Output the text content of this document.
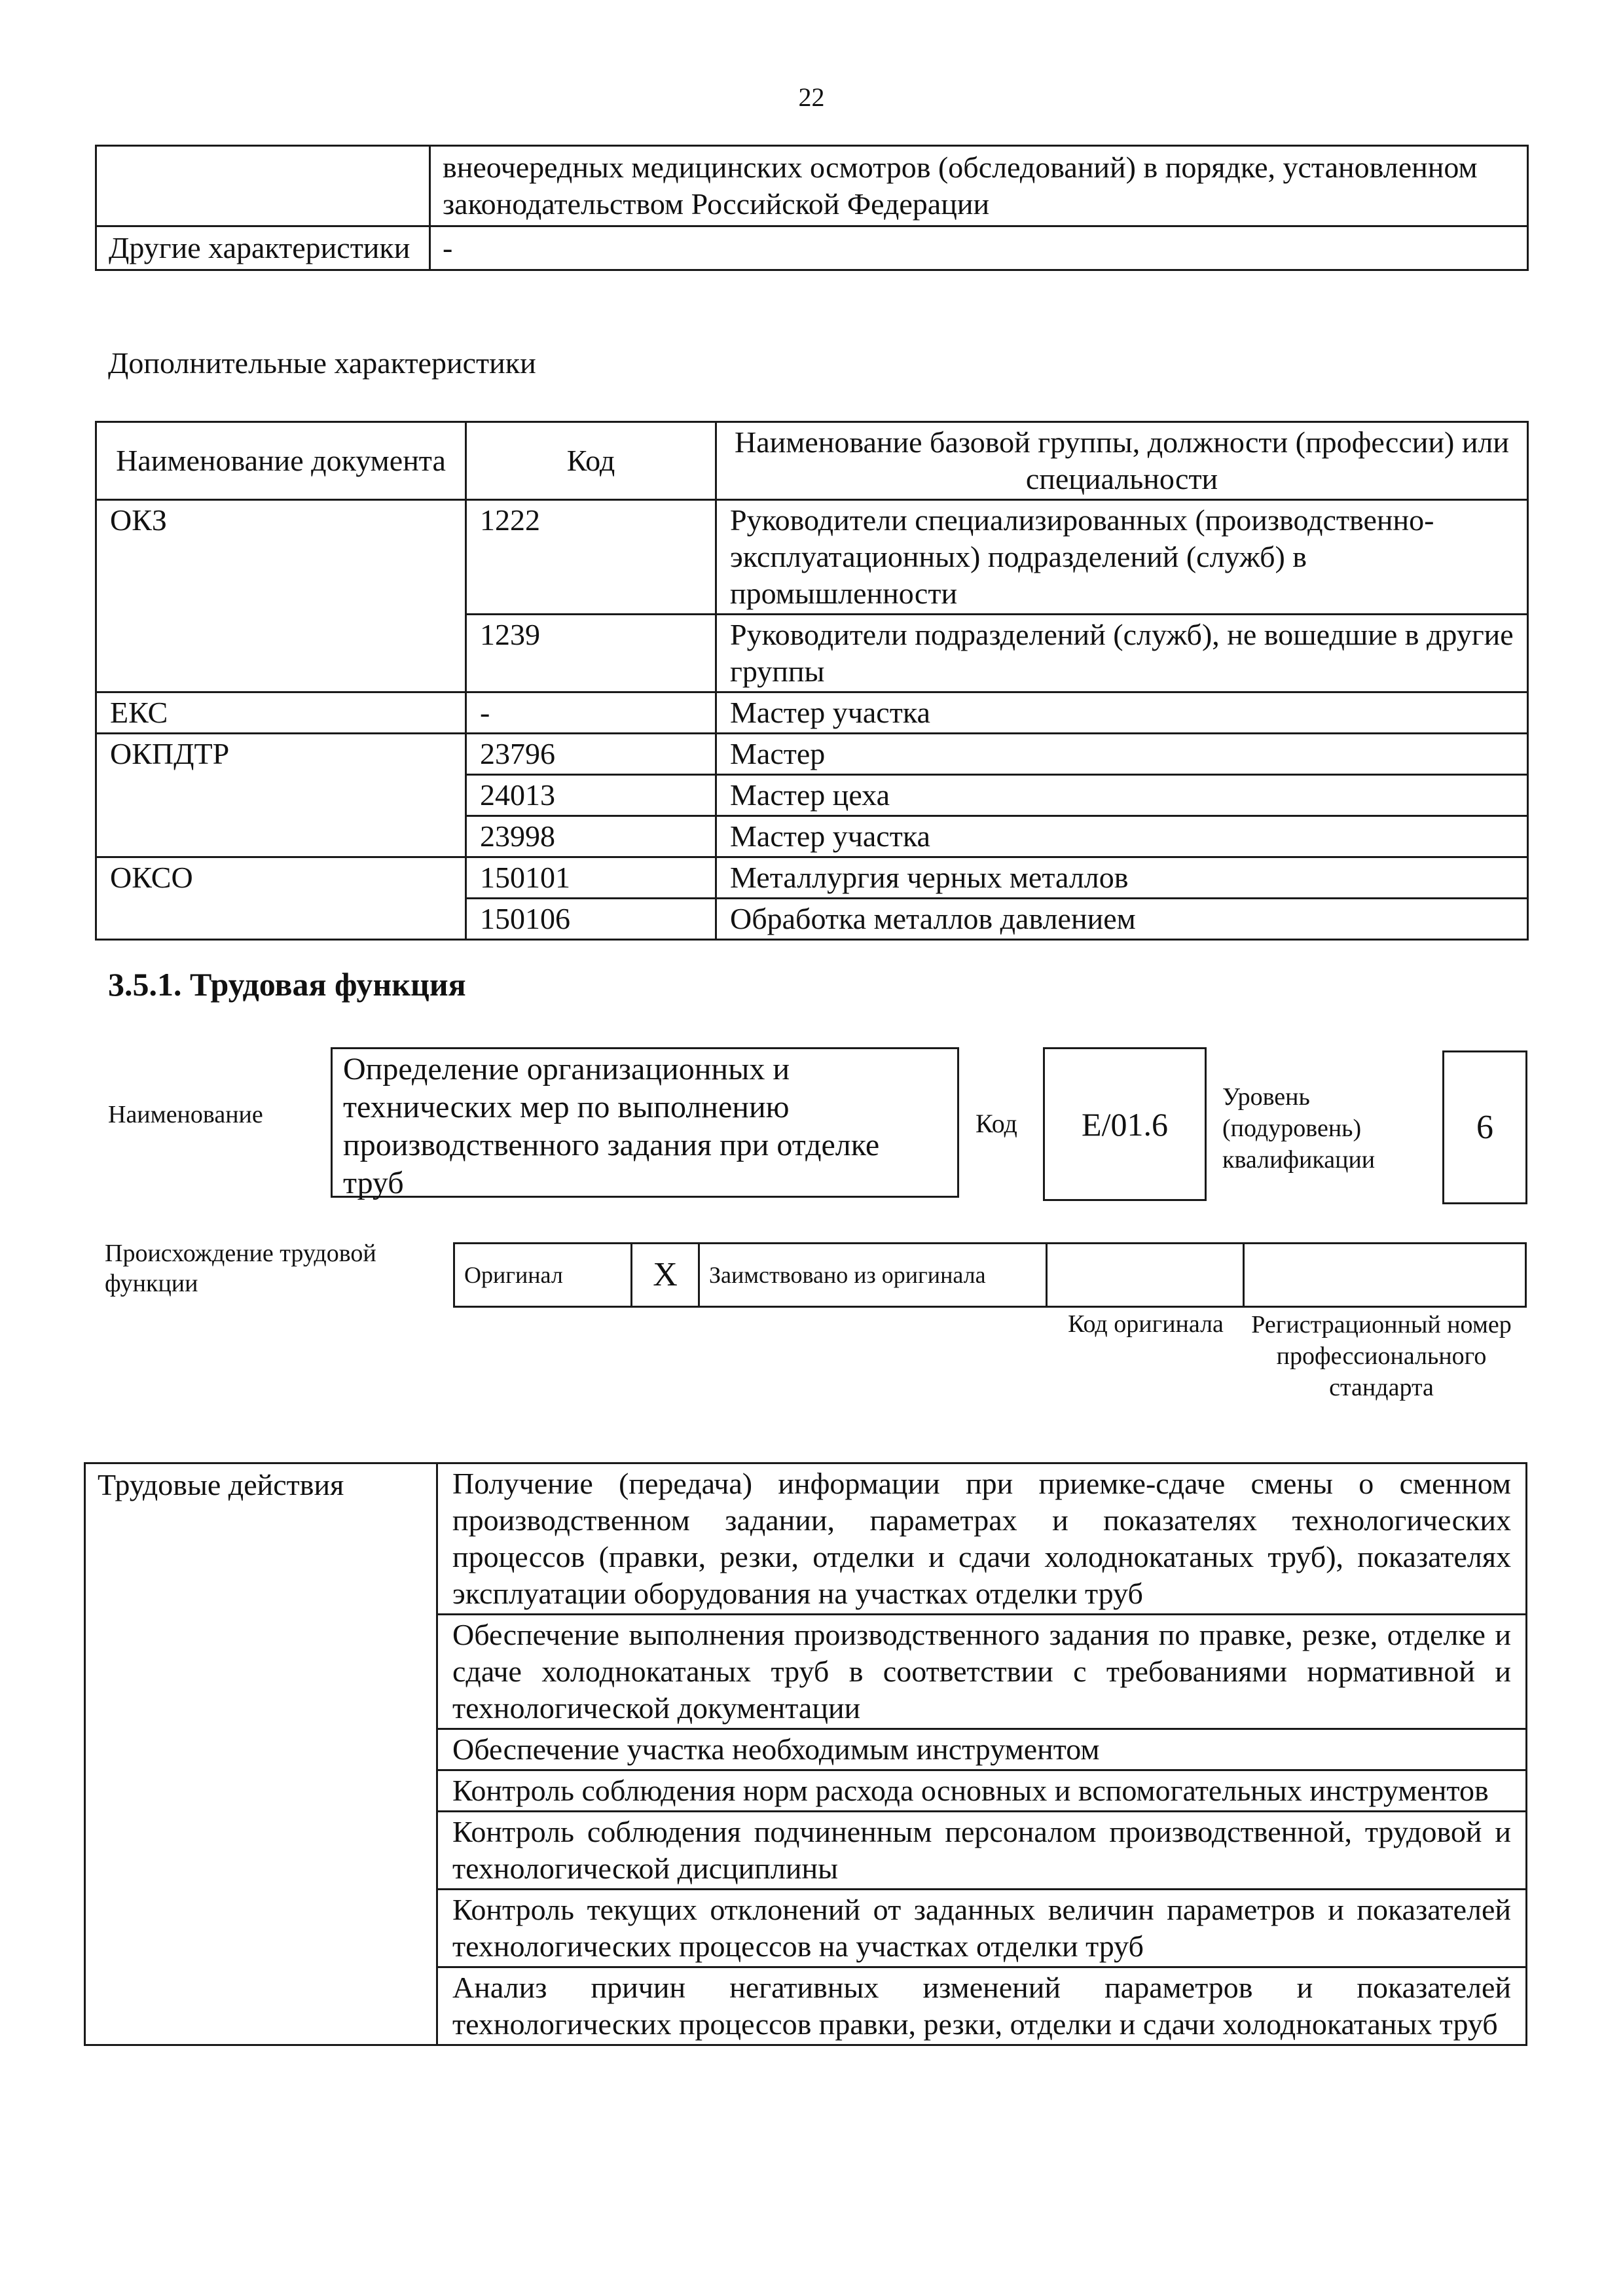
22
	внеочередных медицинских осмотров (обследований) в порядке, установленном законодательством Российской Федерации
Другие характеристики	-
Дополнительные характеристики
Наименование документа	Код	Наименование базовой группы, должности (профессии) или специальности
ОКЗ	1222	Руководители специализированных (производственно-эксплуатационных) подразделений (служб) в промышленности
	1239	Руководители подразделений (служб), не вошедшие в другие группы
ЕКС	-	Мастер участка
ОКПДТР	23796	Мастер
	24013	Мастер цеха
	23998	Мастер участка
ОКСО	150101	Металлургия черных металлов
	150106	Обработка металлов давлением
3.5.1. Трудовая функция
Наименование
Определение организационных и технических мер по выполнению производственного задания при отделке труб
Код	E/01.6
Уровень (подуровень) квалификации
6
Происхождение трудовой функции	Оригинал	X	Заимствовано из оригинала		
Код оригинала	Регистрационный номер профессионального стандарта
Трудовые действия	Получение (передача) информации при приемке-сдаче смены о сменном производственном задании, параметрах и показателях технологических процессов (правки, резки, отделки и сдачи холоднокатаных труб), показателях эксплуатации оборудования на участках отделки труб
Обеспечение выполнения производственного задания по правке, резке, отделке и сдаче холоднокатаных труб в соответствии с требованиями нормативной и технологической документации
Обеспечение участка необходимым инструментом
Контроль соблюдения норм расхода основных и вспомогательных инструментов
Контроль соблюдения подчиненным персоналом производственной, трудовой и технологической дисциплины
Контроль текущих отклонений от заданных величин параметров и показателей технологических процессов на участках отделки труб
Анализ причин негативных изменений параметров и показателей технологических процессов правки, резки, отделки и сдачи холоднокатаных труб
